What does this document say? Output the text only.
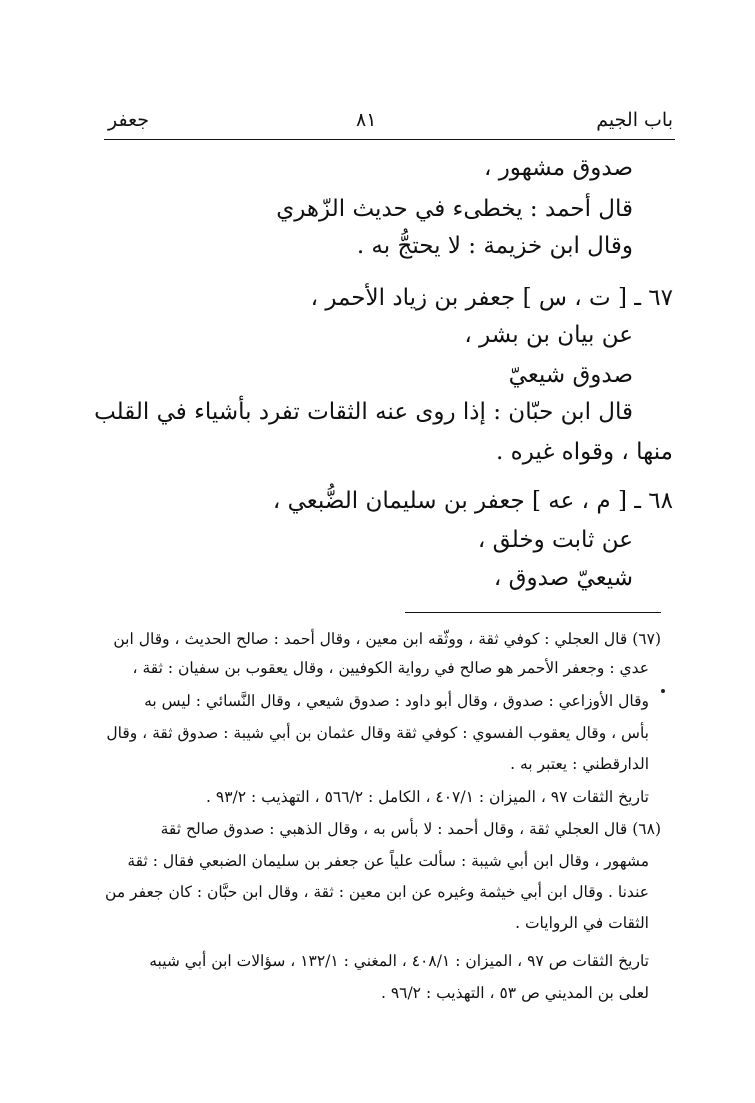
باب الجيم
٨١
جعفر
صدوق مشهور ،
قال أحمد : يخطىء في حديث الزّهري
وقال ابن خزيمة : لا يحتجُّ به .
٦٧ ـ [ ت ، س ] جعفر بن زياد الأحمر ،
عن بيان بن بشر ،
صدوق شيعيّ
قال ابن حبّان : إذا روى عنه الثقات تفرد بأشياء في القلب
منها ، وقواه غيره .
٦٨ ـ [ م ، عه ] جعفر بن سليمان الضُّبعي ،
عن ثابت وخلق ،
شيعيّ صدوق ،
(٦٧) قال العجلي : كوفي ثقة ، ووثّقه ابن معين ، وقال أحمد : صالح الحديث ، وقال ابن
عدي : وجعفر الأحمر هو صالح في رواية الكوفيين ، وقال يعقوب بن سفيان : ثقة ،
وقال الأوزاعي : صدوق ، وقال أبو داود : صدوق شيعي ، وقال النَّسائي : ليس به
بأس ، وقال يعقوب الفسوي : كوفي ثقة وقال عثمان بن أبي شيبة : صدوق ثقة ، وقال
الدارقطني : يعتبر به .
تاريخ الثقات ٩٧ ، الميزان : ٤٠٧/١ ، الكامل : ٥٦٦/٢ ، التهذيب : ٩٣/٢ .
(٦٨) قال العجلي ثقة ، وقال أحمد : لا بأس به ، وقال الذهبي : صدوق صالح ثقة
مشهور ، وقال ابن أبي شيبة : سألت علياً عن جعفر بن سليمان الضبعي فقال : ثقة
عندنا . وقال ابن أبي خيثمة وغيره عن ابن معين : ثقة ، وقال ابن حبَّان : كان جعفر من
الثقات في الروايات .
تاريخ الثقات ص ٩٧ ، الميزان : ٤٠٨/١ ، المغني : ١٣٢/١ ، سؤالات ابن أبي شيبه
لعلى بن المديني ص ٥٣ ، التهذيب : ٩٦/٢ .
